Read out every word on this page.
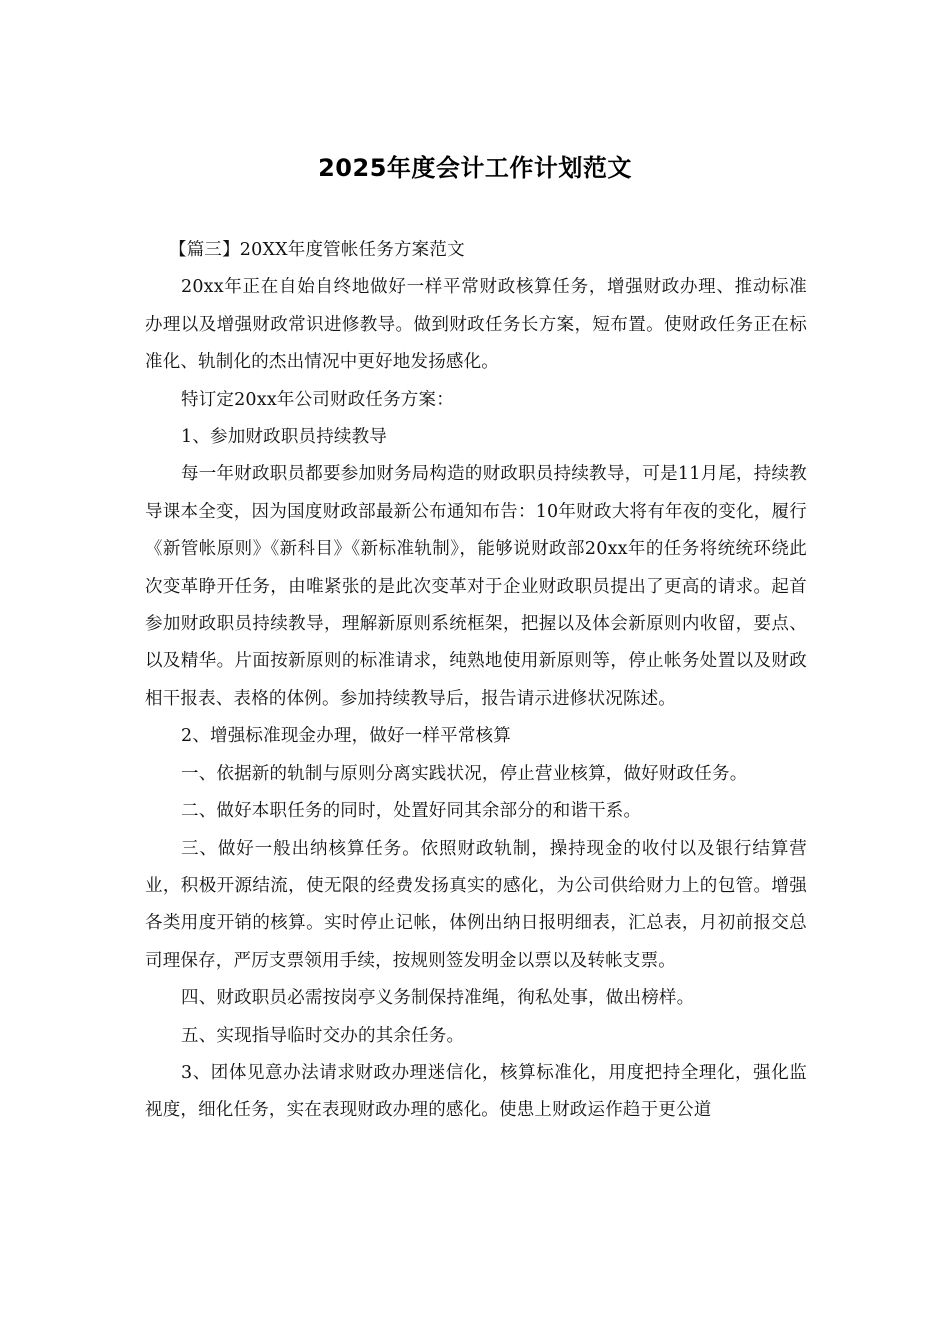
2025年度会计工作计划范文

【篇三】20XX年度管帐任务方案范文

20xx年正在自始自终地做好一样平常财政核算任务，增强财政办理、推动标准办理以及增强财政常识进修教导。做到财政任务长方案，短布置。使财政任务正在标准化、轨制化的杰出情况中更好地发扬感化。

特订定20xx年公司财政任务方案：

1、参加财政职员持续教导

每一年财政职员都要参加财务局构造的财政职员持续教导，可是11月尾，持续教导课本全变，因为国度财政部最新公布通知布告：10年财政大将有年夜的变化，履行《新管帐原则》《新科目》《新标准轨制》，能够说财政部20xx年的任务将统统环绕此次变革睁开任务，由唯紧张的是此次变革对于企业财政职员提出了更高的请求。起首参加财政职员持续教导，理解新原则系统框架，把握以及体会新原则内收留，要点、以及精华。片面按新原则的标准请求，纯熟地使用新原则等，停止帐务处置以及财政相干报表、表格的体例。参加持续教导后，报告请示进修状况陈述。

2、增强标准现金办理，做好一样平常核算

一、依据新的轨制与原则分离实践状况，停止营业核算，做好财政任务。

二、做好本职任务的同时，处置好同其余部分的和谐干系。

三、做好一般出纳核算任务。依照财政轨制，操持现金的收付以及银行结算营业，积极开源结流，使无限的经费发扬真实的感化，为公司供给财力上的包管。增强各类用度开销的核算。实时停止记帐，体例出纳日报明细表，汇总表，月初前报交总司理保存，严厉支票领用手续，按规则签发明金以票以及转帐支票。

四、财政职员必需按岗亭义务制保持准绳，徇私处事，做出榜样。

五、实现指导临时交办的其余任务。

3、团体见意办法请求财政办理迷信化，核算标准化，用度把持全理化，强化监视度，细化任务，实在表现财政办理的感化。使患上财政运作趋于更公道
